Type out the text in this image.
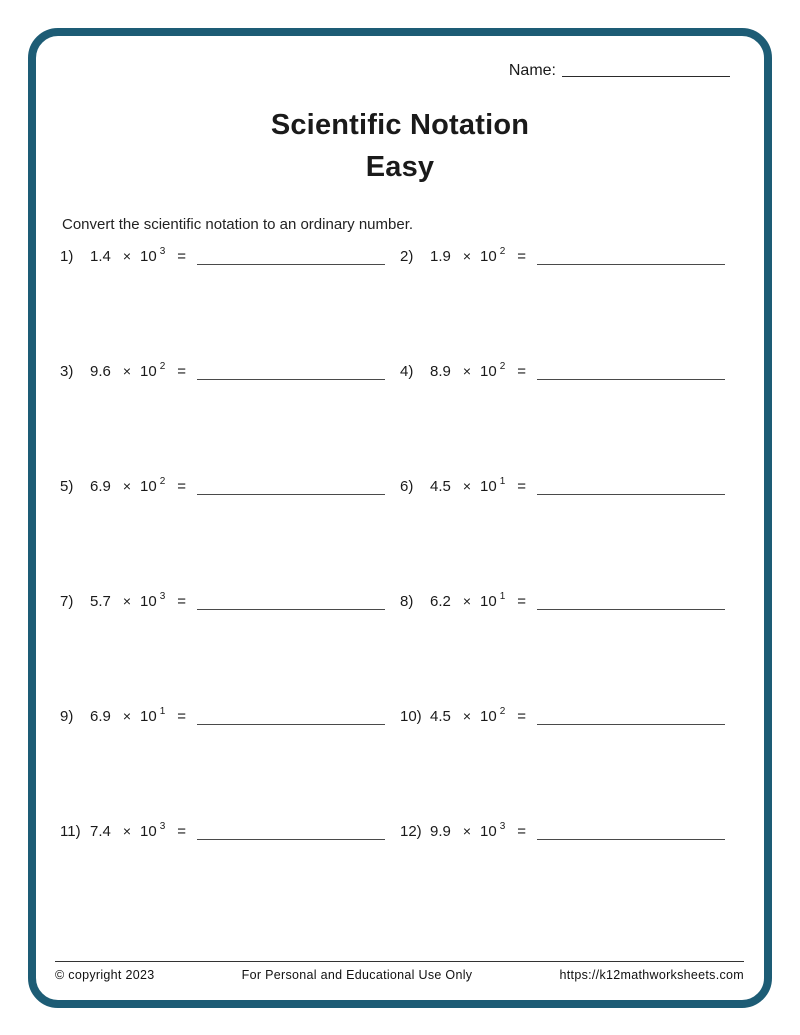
Name:
Scientific Notation
Easy
Convert the scientific notation to an ordinary number.
1)	1.4 × 10 $^3$ =	2)	1.9 × 10 $^2$ =
3)	9.6 × 10 $^2$ =	4)	8.9 × 10 $^2$ =
5)	6.9 × 10 $^2$ =	6)	4.5 × 10 $^1$ =
7)	5.7 × 10 $^3$ =	8)	6.2 × 10 $^1$ =
9)	6.9 × 10 $^1$ =	10) 4.5 × 10 $^2$ =
11) 7.4 × 10 $^3$ =	12) 9.9 × 10 $^3$ =
© copyright 2023	For Personal and Educational Use Only	https://k12mathworksheets.com
